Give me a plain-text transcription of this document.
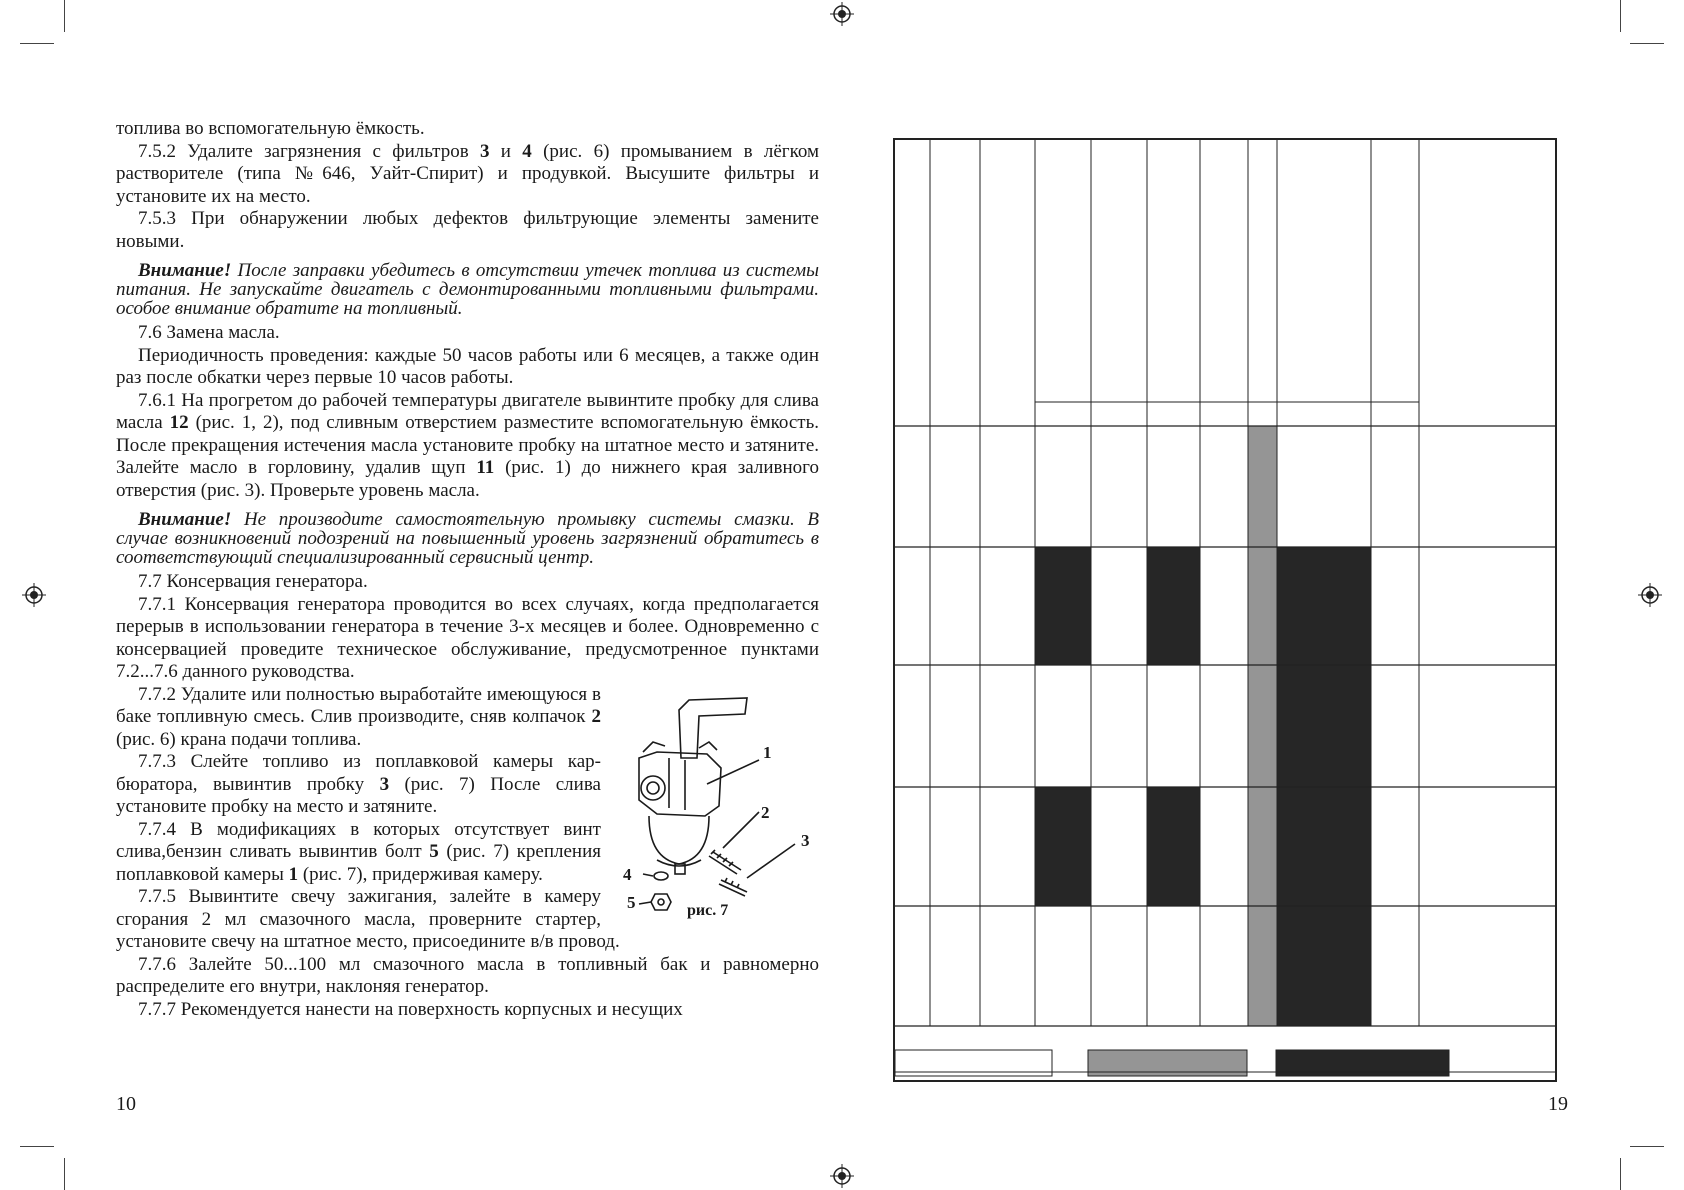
топлива во вспомогательную ёмкость.

7.5.2 Удалите загрязнения с фильтров 3 и 4 (рис. 6) промыванием в лёгком растворителе (типа №646, Уайт-Спирит) и продувкой. Высушите фильтры и установите их на место.

7.5.3 При обнаружении любых дефектов фильтрующие элементы замените новыми.

Внимание! После заправки убедитесь в отсутствии утечек топлива из системы питания. Не запускайте двигатель с демонтированными топливными фильтрами. особое внимание обратите на топливный.

7.6 Замена масла.

Периодичность проведения: каждые 50 часов работы или 6 месяцев, а также один раз после обкатки через первые 10 часов работы.

7.6.1 На прогретом до рабочей температуры двигателе вывинтите пробку для слива масла 12 (рис. 1, 2), под сливным отверстием разместите вспомогательную ёмкость. После прекращения истечения масла установите пробку на штатное место и затяните. Залейте масло в горловину, удалив щуп 11 (рис. 1) до нижнего края заливного отверстия (рис. 3). Проверьте уровень масла.

Внимание! Не производите самостоятельную промывку системы смазки. В случае возникновений подозрений на повышенный уровень загрязнений обратитесь в соответствующий специализированный сервисный центр.

7.7 Консервация генератора.

7.7.1 Консервация генератора проводится во всех случаях, когда предполагается перерыв в использовании генератора в течение 3-х месяцев и более. Одновременно с консервацией проведите техническое обслуживание, предусмотренное пунктами 7.2...7.6 данного руководства.

1
2
3
4
5	рис. 7

7.7.2 Удалите или полностью выработайте имеющуюся в баке топливную смесь. Слив производите, сняв колпачок 2 (рис. 6) крана подачи топлива.

7.7.3 Слейте топливо из поплавковой камеры карбюратора, вывинтив пробку 3 (рис. 7) После слива установите пробку на место и затяните.

7.7.4 В модификациях в которых отсутствует винт слива,бензин сливать вывинтив болт 5 (рис. 7) крепления поплавковой камеры 1 (рис. 7), придерживая камеру.

7.7.5 Вывинтите свечу зажигания, залейте в камеру сгорания 2 мл смазочного масла, проверните стартер, установите свечу на штатное место, присоедините в/в провод.

7.7.6 Залейте 50...100 мл смазочного масла в топливный бак и равномерно распределите его внутри, наклоняя генератор.

7.7.7 Рекомендуется нанести на поверхность корпусных и несущих

10	19
